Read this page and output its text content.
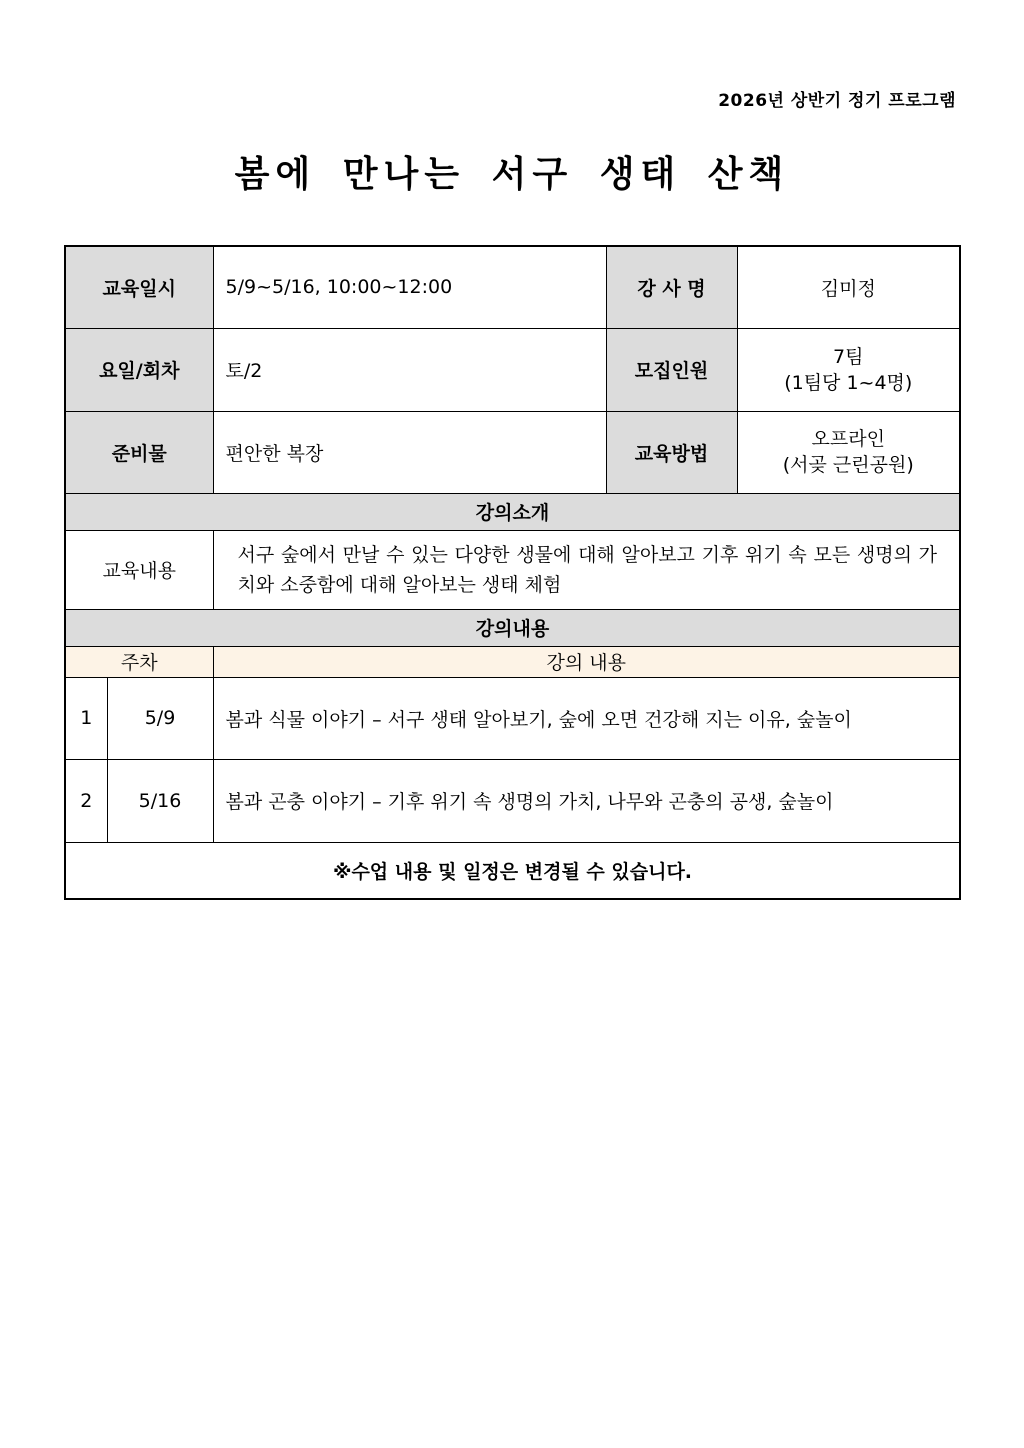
2026년 상반기 정기 프로그램
봄에 만나는 서구 생태 산책
교육일시		5/9~5/16, 10:00~12:00	강 사 명	김미정
요일/회차		토/2	모집인원	7팀
(1팀당 1~4명)

준비물		편안한 복장	교육방법	오프라인
(서곶 근린공원)

강의소개				
교육내용		서구 숲에서 만날 수 있는 다양한 생물에 대해 알아보고 기후 위기 속 모든 생명의 가치와 소중함에 대해 알아보는 생태 체험		
강의내용				
주차		강의 내용		
1	5/9	봄과 식물 이야기 – 서구 생태 알아보기, 숲에 오면 건강해 지는 이유, 숲놀이		
2	5/16	봄과 곤충 이야기 – 기후 위기 속 생명의 가치, 나무와 곤충의 공생, 숲놀이		
※수업 내용 및 일정은 변경될 수 있습니다.				
